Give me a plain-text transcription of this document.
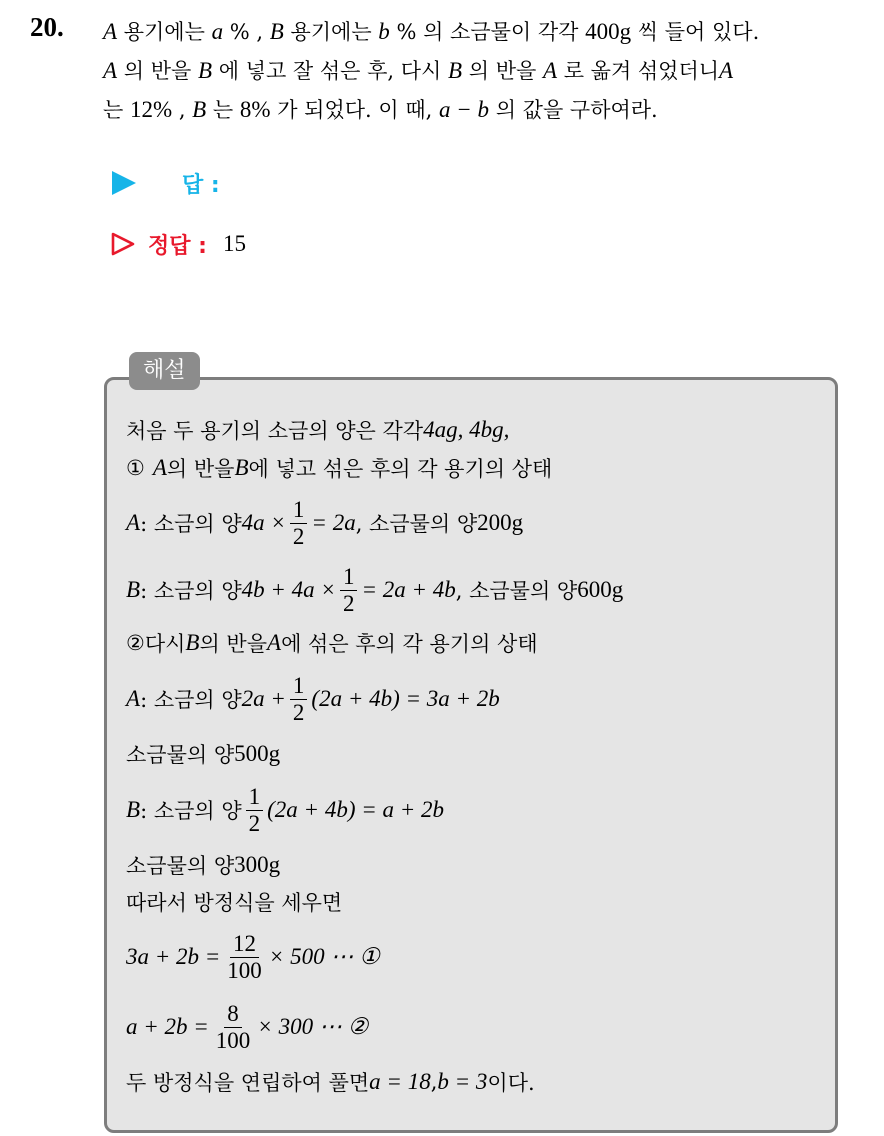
20. A 용기에는 a % , B 용기에는 b % 의 소금물이 각각 400g 씩 들어 있다.
A 의 반을 B 에 넣고 잘 섞은 후, 다시 B 의 반을 A 로 옮겨 섞었더니A
는 12% , B 는 8% 가 되었다. 이 때, a − b 의 값을 구하여라.
답 :
정답 : 15
해설
처음 두 용기의 소금의 양은 각각 4ag, 4bg,
① A 의 반을 B 에 넣고 섞은 후의 각 용기의 상태
A : 소금의 양 $4a \times \frac{1}{2} = 2a$ , 소금물의 양 200g
B : 소금의 양 $4b + 4a \times \frac{1}{2} = 2a + 4b$ , 소금물의 양 600g
② 다시 B 의 반을 A 에 섞은 후의 각 용기의 상태
A : 소금의 양 $2a + \frac{1}{2} (2a + 4b) = 3a + 2b$
소금물의 양 500g
B : 소금의 양 $\frac{1}{2} (2a + 4b) = a + 2b$
소금물의 양 300g
따라서 방정식을 세우면
$3a + 2b = \frac{12}{100} \times 500$ ⋯ ①
$a + 2b = \frac{8}{100} \times 300$ ⋯ ②
두 방정식을 연립하여 풀면 a = 18 , b = 3 이다.
